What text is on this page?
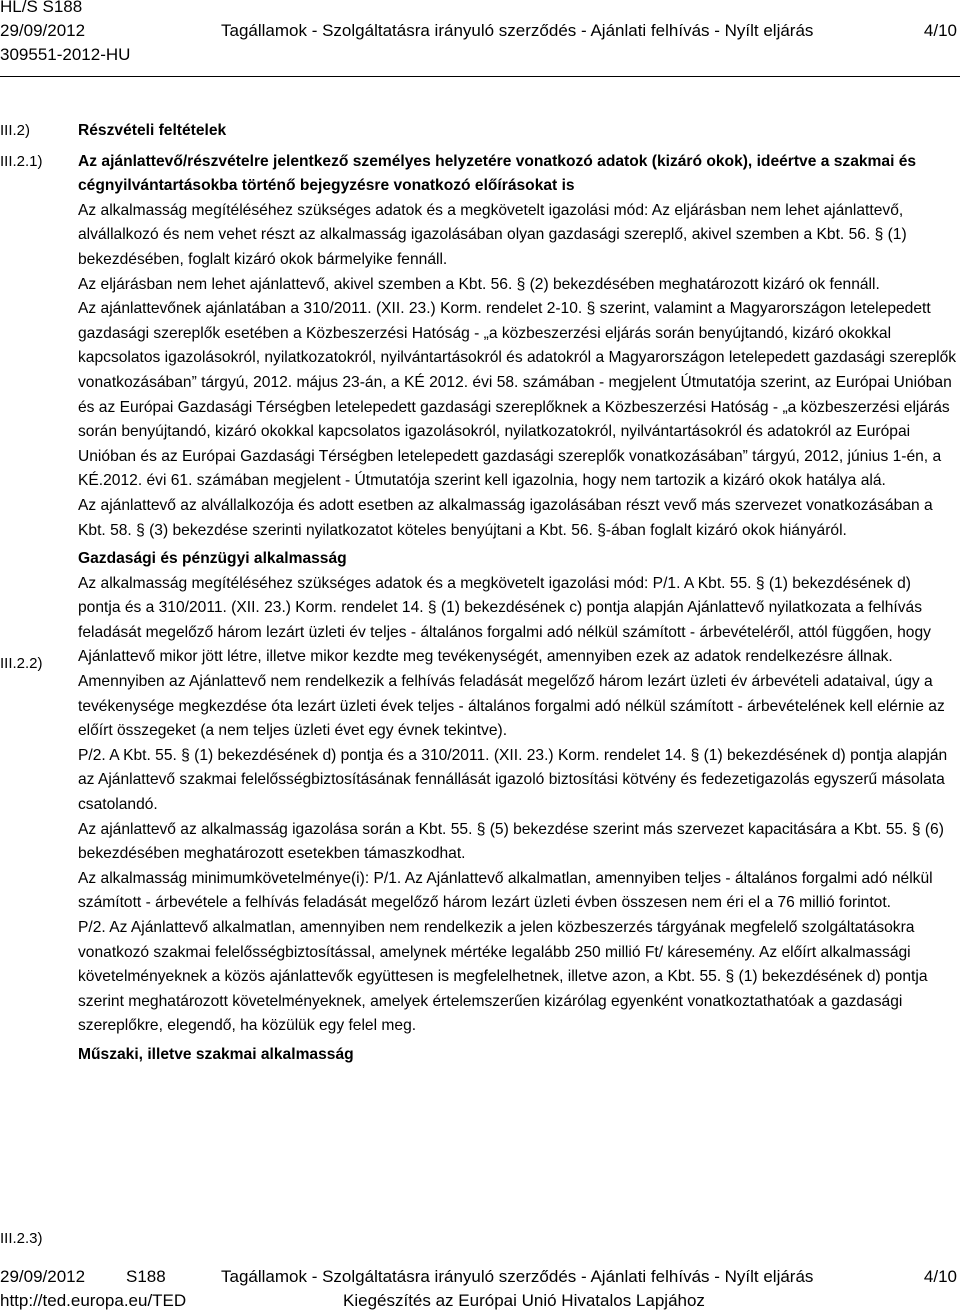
HL/S S188
29/09/2012	Tagállamok - Szolgáltatásra irányuló szerződés - Ajánlati felhívás - Nyílt eljárás	4/10
309551-2012-HU
III.2)
III.2.1)
III.2.2)
III.2.3)

Részvételi feltételek

Az ajánlattevő/részvételre jelentkező személyes helyzetére vonatkozó adatok (kizáró okok), ideértve a szakmai és cégnyilvántartásokba történő bejegyzésre vonatkozó előírásokat is

Az alkalmasság megítéléséhez szükséges adatok és a megkövetelt igazolási mód: Az eljárásban nem lehet ajánlattevő, alvállalkozó és nem vehet részt az alkalmasság igazolásában olyan gazdasági szereplő, akivel szemben a Kbt. 56. § (1) bekezdésében, foglalt kizáró okok bármelyike fennáll.

Az eljárásban nem lehet ajánlattevő, akivel szemben a Kbt. 56. § (2) bekezdésében meghatározott kizáró ok fennáll.

Az ajánlattevőnek ajánlatában a 310/2011. (XII. 23.) Korm. rendelet 2-10. § szerint, valamint a Magyarországon letelepedett gazdasági szereplők esetében a Közbeszerzési Hatóság - „a közbeszerzési eljárás során benyújtandó, kizáró okokkal kapcsolatos igazolásokról, nyilatkozatokról, nyilvántartásokról és adatokról a Magyarországon letelepedett gazdasági szereplők vonatkozásában” tárgyú, 2012. május 23-án, a KÉ 2012. évi 58. számában - megjelent Útmutatója szerint, az Európai Unióban és az Európai Gazdasági Térségben letelepedett gazdasági szereplőknek a Közbeszerzési Hatóság - „a közbeszerzési eljárás során benyújtandó, kizáró okokkal kapcsolatos igazolásokról, nyilatkozatokról, nyilvántartásokról és adatokról az Európai Unióban és az Európai Gazdasági Térségben letelepedett gazdasági szereplők vonatkozásában” tárgyú, 2012, június 1-én, a KÉ.2012. évi 61. számában megjelent - Útmutatója szerint kell igazolnia, hogy nem tartozik a kizáró okok hatálya alá.

Az ajánlattevő az alvállalkozója és adott esetben az alkalmasság igazolásában részt vevő más szervezet vonatkozásában a Kbt. 58. § (3) bekezdése szerinti nyilatkozatot köteles benyújtani a Kbt. 56. §-ában foglalt kizáró okok hiányáról.

Gazdasági és pénzügyi alkalmasság

Az alkalmasság megítéléséhez szükséges adatok és a megkövetelt igazolási mód: P/1. A Kbt. 55. § (1) bekezdésének d) pontja és a 310/2011. (XII. 23.) Korm. rendelet 14. § (1) bekezdésének c) pontja alapján Ajánlattevő nyilatkozata a felhívás feladását megelőző három lezárt üzleti év teljes - általános forgalmi adó nélkül számított - árbevételéről, attól függően, hogy Ajánlattevő mikor jött létre, illetve mikor kezdte meg tevékenységét, amennyiben ezek az adatok rendelkezésre állnak. Amennyiben az Ajánlattevő nem rendelkezik a felhívás feladását megelőző három lezárt üzleti év árbevételi adataival, úgy a tevékenysége megkezdése óta lezárt üzleti évek teljes - általános forgalmi adó nélkül számított - árbevételének kell elérnie az előírt összegeket (a nem teljes üzleti évet egy évnek tekintve).

P/2. A Kbt. 55. § (1) bekezdésének d) pontja és a 310/2011. (XII. 23.) Korm. rendelet 14. § (1) bekezdésének d) pontja alapján az Ajánlattevő szakmai felelősségbiztosításának fennállását igazoló biztosítási kötvény és fedezetigazolás egyszerű másolata csatolandó.

Az ajánlattevő az alkalmasság igazolása során a Kbt. 55. § (5) bekezdése szerint más szervezet kapacitására a Kbt. 55. § (6) bekezdésében meghatározott esetekben támaszkodhat.

Az alkalmasság minimumkövetelménye(i): P/1. Az Ajánlattevő alkalmatlan, amennyiben teljes - általános forgalmi adó nélkül számított - árbevétele a felhívás feladását megelőző három lezárt üzleti évben összesen nem éri el a 76 millió forintot.

P/2. Az Ajánlattevő alkalmatlan, amennyiben nem rendelkezik a jelen közbeszerzés tárgyának megfelelő szolgáltatásokra vonatkozó szakmai felelősségbiztosítással, amelynek mértéke legalább 250 millió Ft/ káresemény. Az előírt alkalmassági követelményeknek a közös ajánlattevők együttesen is megfelelhetnek, illetve azon, a Kbt. 55. § (1) bekezdésének d) pontja szerint meghatározott követelményeknek, amelyek értelemszerűen kizárólag egyenként vonatkoztathatóak a gazdasági szereplőkre, elegendő, ha közülük egy felel meg.

Műszaki, illetve szakmai alkalmasság

29/09/2012 S188	Tagállamok - Szolgáltatásra irányuló szerződés - Ajánlati felhívás - Nyílt eljárás	4/10
http://ted.europa.eu/TED	Kiegészítés az Európai Unió Hivatalos Lapjához
